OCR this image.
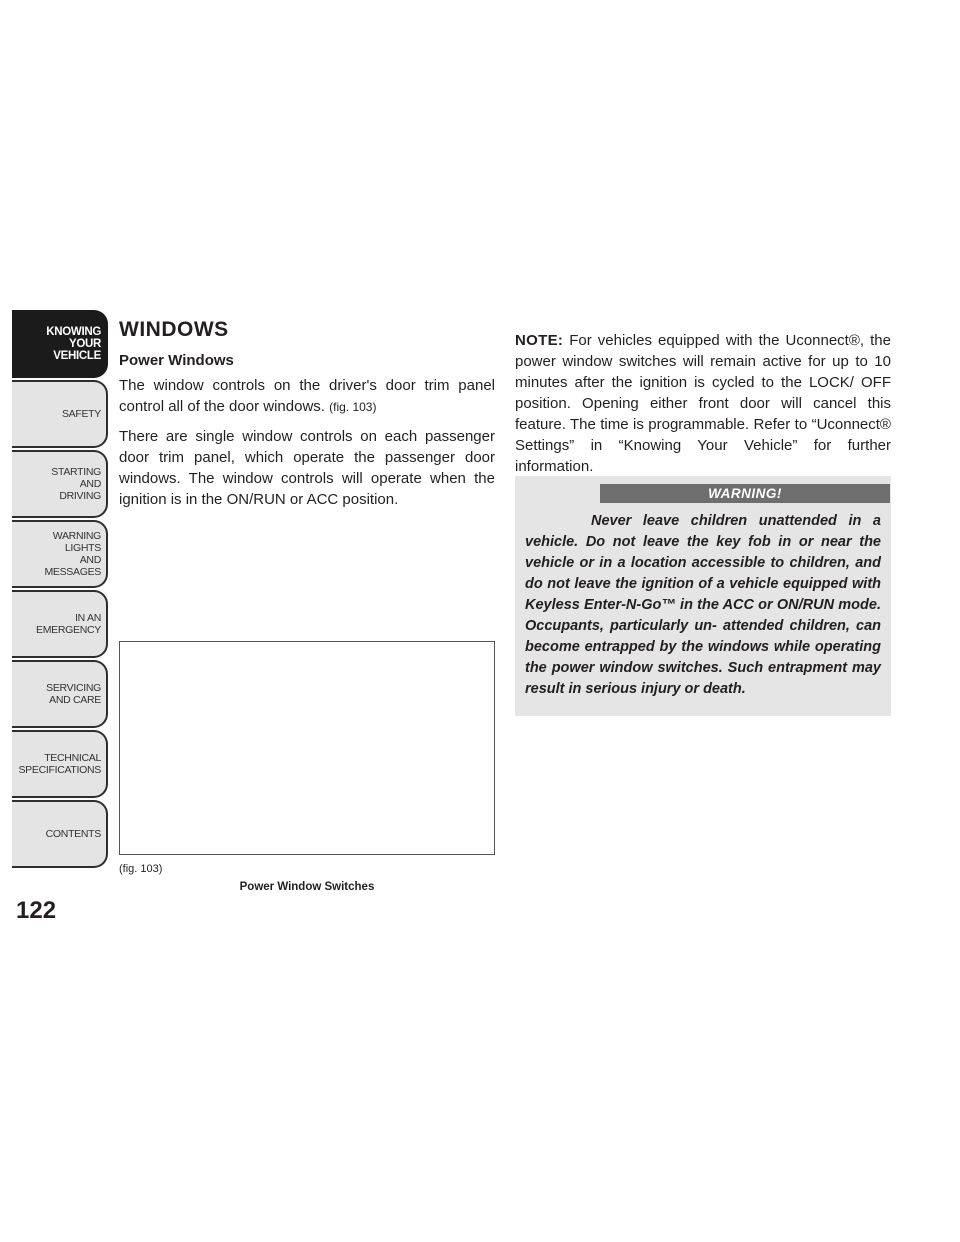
KNOWING
YOUR
VEHICLE
SAFETY
STARTING
AND
DRIVING
WARNING
LIGHTS
AND
MESSAGES
IN AN
EMERGENCY
SERVICING
AND CARE
TECHNICAL
SPECIFICATIONS
CONTENTS
122
WINDOWS
Power Windows

The window controls on the driver's door trim panel control all of the door windows. (fig. 103)

There are single window controls on each passenger door trim panel, which operate the passenger door windows. The window controls will operate when the ignition is in the ON/RUN or ACC position.

(fig. 103)
Power Window Switches

NOTE: For vehicles equipped with the Uconnect®, the power window switches will remain active for up to 10 minutes after the ignition is cycled to the LOCK/ OFF position. Opening either front door will cancel this feature. The time is programmable. Refer to “Uconnect® Settings” in “Knowing Your Vehicle” for further information.

WARNING!
Never leave children unattended in a vehicle. Do not leave the key fob in or near the vehicle or in a location accessible to children, and do not leave the ignition of a vehicle equipped with Keyless Enter-N-Go™ in the ACC or ON/RUN mode. Occupants, particularly un- attended children, can become entrapped by the windows while operating the power window switches. Such entrapment may result in serious injury or death.
